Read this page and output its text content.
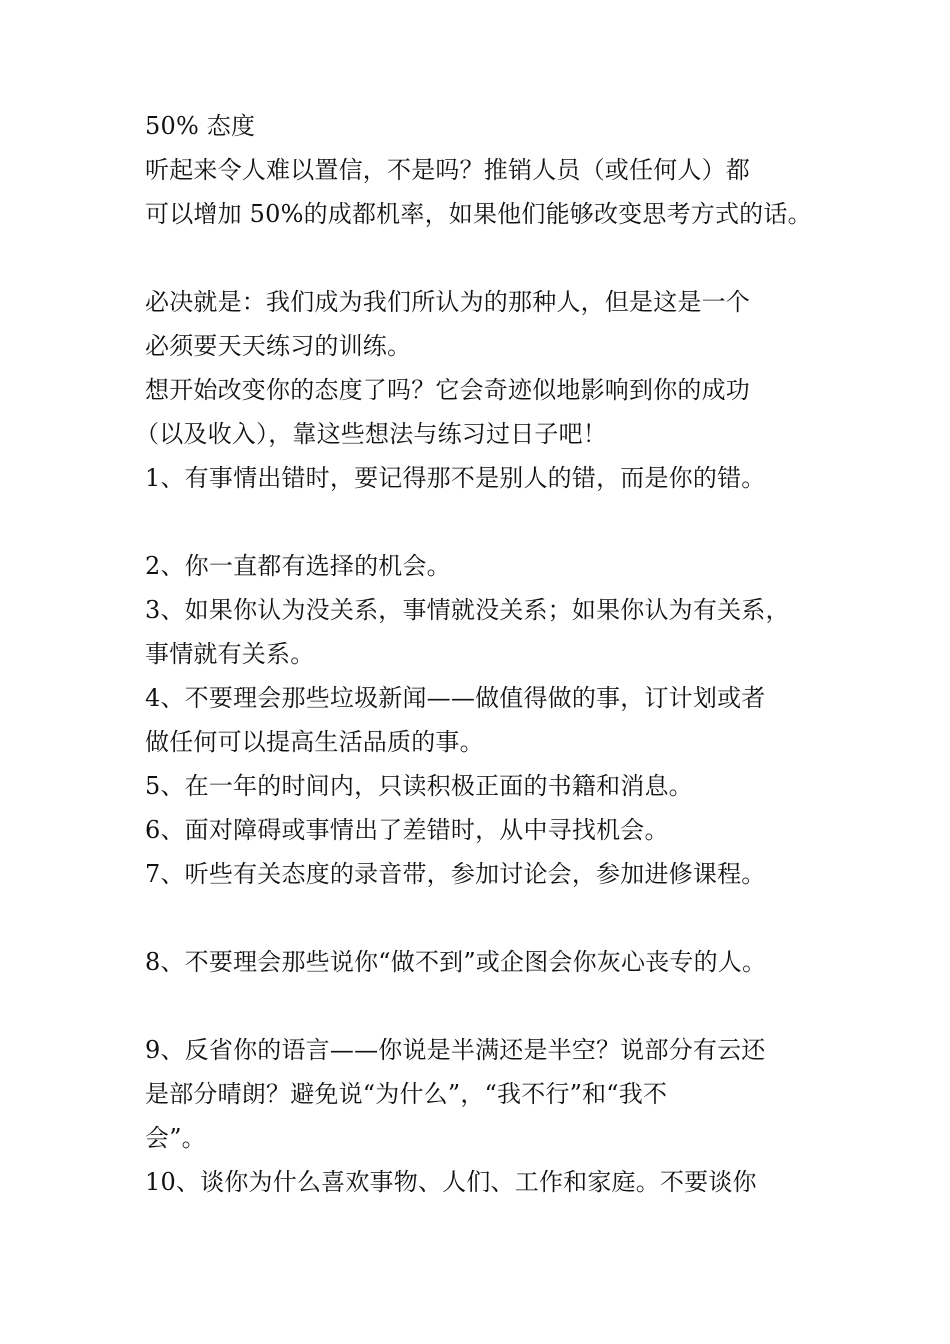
50% 态度
听起来令人难以置信，不是吗？推销人员（或任何人）都
可以增加 50%的成都机率，如果他们能够改变思考方式的话。
必决就是：我们成为我们所认为的那种人，但是这是一个
必须要天天练习的训练。
想开始改变你的态度了吗？它会奇迹似地影响到你的成功
（以及收入），靠这些想法与练习过日子吧！
1、有事情出错时，要记得那不是别人的错，而是你的错。
2、你一直都有选择的机会。
3、如果你认为没关系，事情就没关系；如果你认为有关系，
事情就有关系。
4、不要理会那些垃圾新闻——做值得做的事，订计划或者
做任何可以提高生活品质的事。
5、在一年的时间内，只读积极正面的书籍和消息。
6、面对障碍或事情出了差错时，从中寻找机会。
7、听些有关态度的录音带，参加讨论会，参加进修课程。
8、不要理会那些说你“做不到”或企图会你灰心丧专的人。
9、反省你的语言——你说是半满还是半空？说部分有云还
是部分晴朗？避免说“为什么”，“我不行”和“我不
会”。
10、谈你为什么喜欢事物、人们、工作和家庭。不要谈你
